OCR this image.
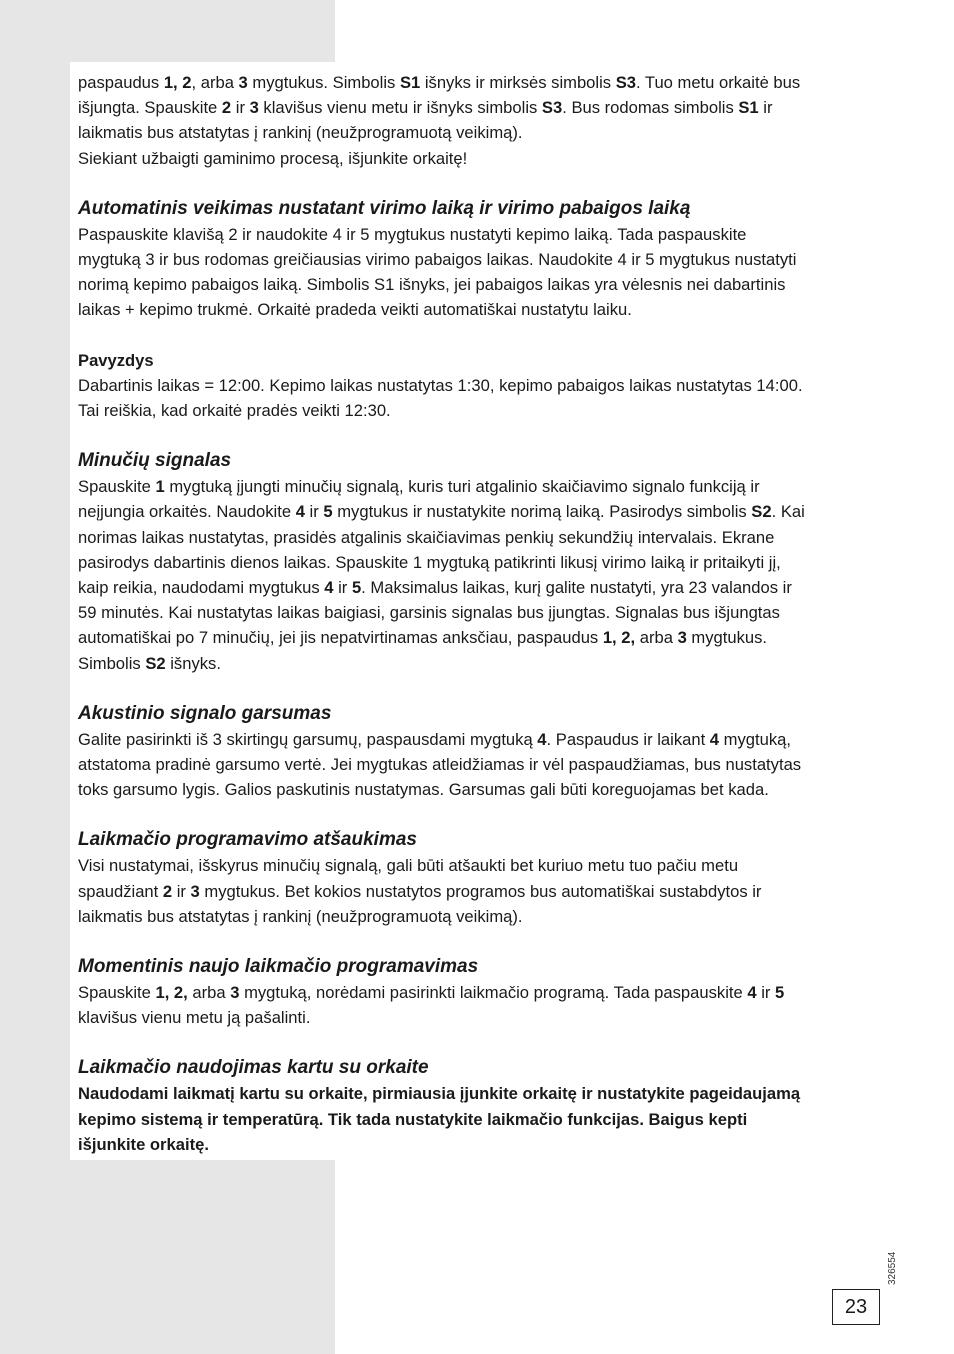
paspaudus 1, 2, arba 3 mygtukus. Simbolis S1 išnyks ir mirksės simbolis S3. Tuo metu orkaitė bus

išjungta. Spauskite 2 ir 3 klavišus vienu metu ir išnyks simbolis S3. Bus rodomas simbolis S1 ir

laikmatis bus atstatytas į rankinį (neužprogramuotą veikimą).

Siekiant užbaigti gaminimo procesą, išjunkite orkaitę!

Automatinis veikimas nustatant virimo laiką ir virimo pabaigos laiką

Paspauskite klavišą 2 ir naudokite 4 ir 5 mygtukus nustatyti kepimo laiką. Tada paspauskite

mygtuką 3 ir bus rodomas greičiausias virimo pabaigos laikas. Naudokite 4 ir 5 mygtukus nustatyti

norimą kepimo pabaigos laiką. Simbolis S1 išnyks, jei pabaigos laikas yra vėlesnis nei dabartinis

laikas + kepimo trukmė. Orkaitė pradeda veikti automatiškai nustatytu laiku.

Pavyzdys

Dabartinis laikas = 12:00. Kepimo laikas nustatytas 1:30, kepimo pabaigos laikas nustatytas 14:00.

Tai reiškia, kad orkaitė pradės veikti 12:30.

Minučių signalas

Spauskite 1 mygtuką įjungti minučių signalą, kuris turi atgalinio skaičiavimo signalo funkciją ir

neįjungia orkaitės. Naudokite 4 ir 5 mygtukus ir nustatykite norimą laiką. Pasirodys simbolis S2. Kai

norimas laikas nustatytas, prasidės atgalinis skaičiavimas penkių sekundžių intervalais. Ekrane

pasirodys dabartinis dienos laikas. Spauskite 1 mygtuką patikrinti likusį virimo laiką ir pritaikyti jį,

kaip reikia, naudodami mygtukus 4 ir 5. Maksimalus laikas, kurį galite nustatyti, yra 23 valandos ir

59 minutės. Kai nustatytas laikas baigiasi, garsinis signalas bus įjungtas. Signalas bus išjungtas

automatiškai po 7 minučių, jei jis nepatvirtinamas anksčiau, paspaudus 1, 2, arba 3 mygtukus.

Simbolis S2 išnyks.

Akustinio signalo garsumas

Galite pasirinkti iš 3 skirtingų garsumų, paspausdami mygtuką 4. Paspaudus ir laikant 4 mygtuką,

atstatoma pradinė garsumo vertė. Jei mygtukas atleidžiamas ir vėl paspaudžiamas, bus nustatytas

toks garsumo lygis. Galios paskutinis nustatymas. Garsumas gali būti koreguojamas bet kada.

Laikmačio programavimo atšaukimas

Visi nustatymai, išskyrus minučių signalą, gali būti atšaukti bet kuriuo metu tuo pačiu metu

spaudžiant 2 ir 3 mygtukus. Bet kokios nustatytos programos bus automatiškai sustabdytos ir

laikmatis bus atstatytas į rankinį (neužprogramuotą veikimą).

Momentinis naujo laikmačio programavimas

Spauskite 1, 2, arba 3 mygtuką, norėdami pasirinkti laikmačio programą. Tada paspauskite 4 ir 5

klavišus vienu metu ją pašalinti.

Laikmačio naudojimas kartu su orkaite

Naudodami laikmatį kartu su orkaite, pirmiausia įjunkite orkaitę ir nustatykite pageidaujamą

kepimo sistemą ir temperatūrą. Tik tada nustatykite laikmačio funkcijas. Baigus kepti

išjunkite orkaitę.

326554
23
